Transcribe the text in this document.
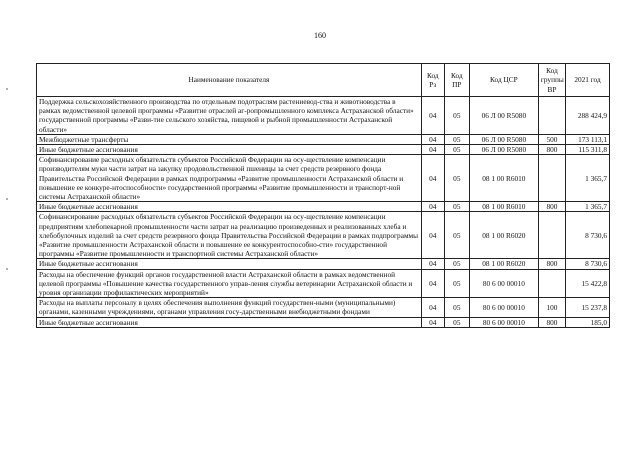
160
Наименование показателя	Код Рз	Код ПР	Код ЦСР	Код группы ВР	2021 год
Поддержка сельскохозяйственного производства по отдельным подотраслям растениевод-ства и животноводства в рамках ведомственной целевой программы «Развитие отраслей аг-ропромышленного комплекса Астраханской области» государственной программы «Разви-тие сельского хозяйства, пищевой и рыбной промышленности Астраханской области»	04	05	06 Л 00 R5080		288 424,9
Межбюджетные трансферты	04	05	06 Л 00 R5080	500	173 113,1
Иные бюджетные ассигнования	04	05	06 Л 00 R5080	800	115 311,8
Софинансирование расходных обязательств субъектов Российской Федерации на осу-ществление компенсации производителям муки части затрат на закупку продовольственной пшеницы за счет средств резервного фонда Правительства Российской Федерации в рамках подпрограммы «Развитие промышленности Астраханской области и повышение ее конкуре-нтоспособности» государственной программы «Развитие промышленности и транспорт-ной системы Астраханской области»	04	05	08 1 00 R6010		1 365,7
Иные бюджетные ассигнования	04	05	08 1 00 R6010	800	1 365,7
Софинансирование расходных обязательств субъектов Российской Федерации на осу-ществление компенсации предприятиям хлебопекарной промышленности части затрат на реализацию произведенных и реализованных хлеба и хлебобулочных изделий за счет средств резервного фонда Правительства Российской Федерации в рамках подпрограммы «Развитие промышленности Астраханской области и повышение ее конкурентоспособно-сти» государственной программы «Развитие промышленности и транспортной системы Астраханской области»	04	05	08 1 00 R6020		8 730,6
Иные бюджетные ассигнования	04	05	08 1 00 R6020	800	8 730,6
Расходы на обеспечение функций органов государственной власти Астраханской области в рамках ведомственной целевой программы «Повышение качества государственного управ-ления службы ветеринарии Астраханской области и уровня организации профилактических мероприятий»	04	05	80 6 00 00010		15 422,8
Расходы на выплаты персоналу в целях обеспечения выполнения функций государствен-ными (муниципальными) органами, казенными учреждениями, органами управления госу-дарственными внебюджетными фондами	04	05	80 6 00 00010	100	15 237,8
Иные бюджетные ассигнования	04	05	80 6 00 00010	800	185,0
